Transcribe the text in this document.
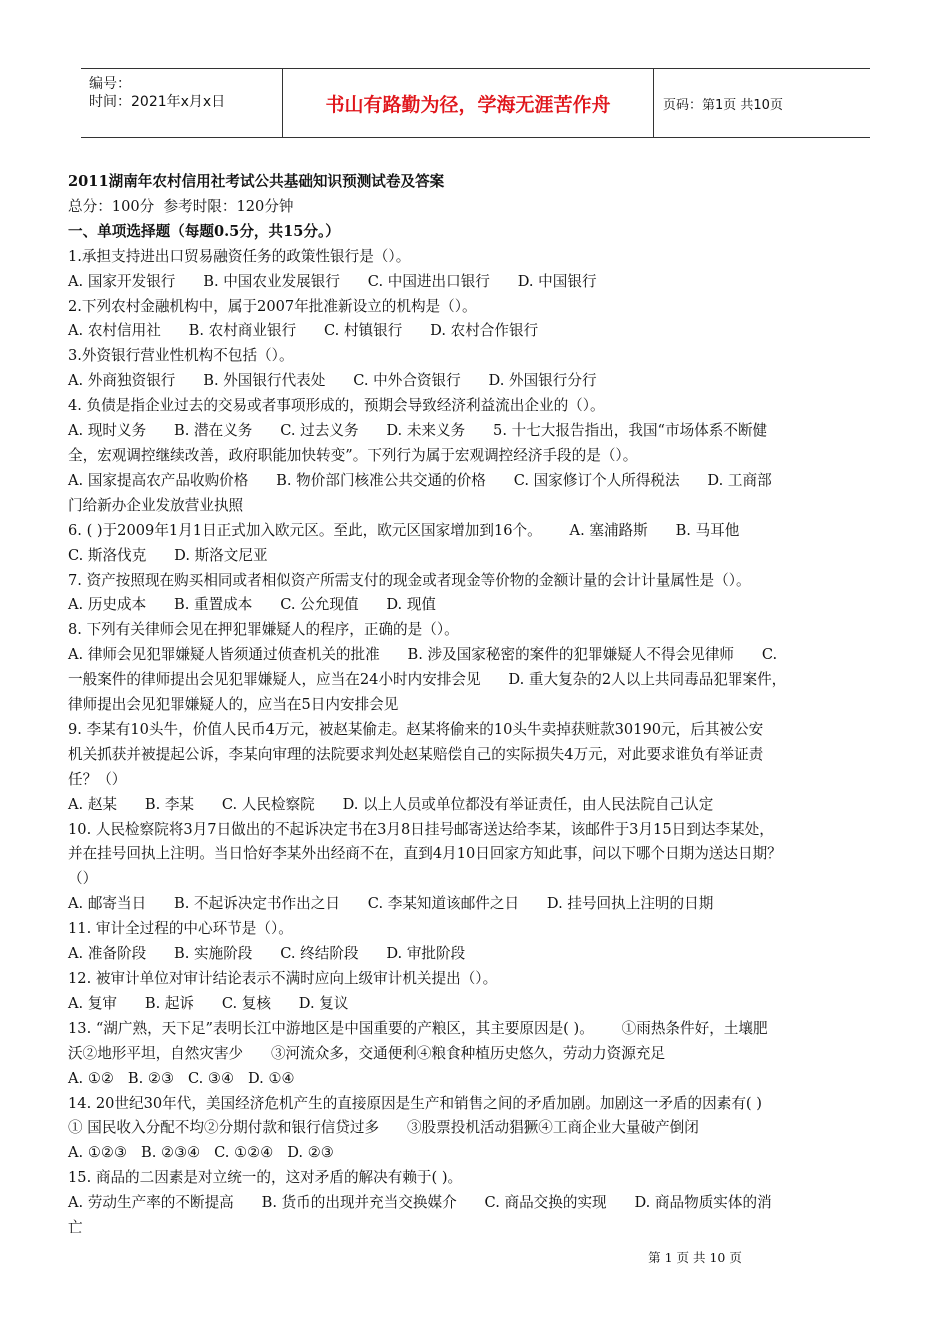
编号：
时间：2021年x月x日	书山有路勤为径，学海无涯苦作舟	页码：第1页 共10页

2011湖南年农村信用社考试公共基础知识预测试卷及答案

总分：100分  参考时限：120分钟

一、单项选择题（每题0.5分，共15分。）

1.承担支持进出口贸易融资任务的政策性银行是（）。

A. 国家开发银行      B. 中国农业发展银行      C. 中国进出口银行      D. 中国银行

2.下列农村金融机构中，属于2007年批准新设立的机构是（）。

A. 农村信用社      B. 农村商业银行      C. 村镇银行      D. 农村合作银行

3.外资银行营业性机构不包括（）。

A. 外商独资银行      B. 外国银行代表处      C. 中外合资银行      D. 外国银行分行

4. 负债是指企业过去的交易或者事项形成的，预期会导致经济利益流出企业的（）。

A. 现时义务      B. 潜在义务      C. 过去义务      D. 未来义务      5. 十七大报告指出，我国“市场体系不断健

全，宏观调控继续改善，政府职能加快转变”。下列行为属于宏观调控经济手段的是（）。

A. 国家提高农产品收购价格      B. 物价部门核准公共交通的价格      C. 国家修订个人所得税法      D. 工商部

门给新办企业发放营业执照

6. ( )于2009年1月1日正式加入欧元区。至此，欧元区国家增加到16个。      A. 塞浦路斯      B. 马耳他

C. 斯洛伐克      D. 斯洛文尼亚

7. 资产按照现在购买相同或者相似资产所需支付的现金或者现金等价物的金额计量的会计计量属性是（）。

A. 历史成本      B. 重置成本      C. 公允现值      D. 现值

8. 下列有关律师会见在押犯罪嫌疑人的程序，正确的是（）。

A. 律师会见犯罪嫌疑人皆须通过侦查机关的批准      B. 涉及国家秘密的案件的犯罪嫌疑人不得会见律师      C.

一般案件的律师提出会见犯罪嫌疑人，应当在24小时内安排会见      D. 重大复杂的2人以上共同毒品犯罪案件，

律师提出会见犯罪嫌疑人的，应当在5日内安排会见

9. 李某有10头牛，价值人民币4万元，被赵某偷走。赵某将偷来的10头牛卖掉获赃款30190元，后其被公安

机关抓获并被提起公诉，李某向审理的法院要求判处赵某赔偿自己的实际损失4万元，对此要求谁负有举证责

任？（）

A. 赵某      B. 李某      C. 人民检察院      D. 以上人员或单位都没有举证责任，由人民法院自己认定

10. 人民检察院将3月7日做出的不起诉决定书在3月8日挂号邮寄送达给李某，该邮件于3月15日到达李某处，

并在挂号回执上注明。当日恰好李某外出经商不在，直到4月10日回家方知此事，问以下哪个日期为送达日期？

（）

A. 邮寄当日      B. 不起诉决定书作出之日      C. 李某知道该邮件之日      D. 挂号回执上注明的日期

11. 审计全过程的中心环节是（）。

A. 准备阶段      B. 实施阶段      C. 终结阶段      D. 审批阶段

12. 被审计单位对审计结论表示不满时应向上级审计机关提出（）。

A. 复审      B. 起诉      C. 复核      D. 复议

13. “湖广熟，天下足”表明长江中游地区是中国重要的产粮区，其主要原因是( )。      ①雨热条件好，土壤肥

沃②地形平坦，自然灾害少      ③河流众多，交通便利④粮食种植历史悠久，劳动力资源充足

A. ①②   B. ②③   C. ③④   D. ①④

14. 20世纪30年代，美国经济危机产生的直接原因是生产和销售之间的矛盾加剧。加剧这一矛盾的因素有( )

① 国民收入分配不均②分期付款和银行信贷过多      ③股票投机活动猖獗④工商企业大量破产倒闭

A. ①②③   B. ②③④   C. ①②④   D. ②③

15. 商品的二因素是对立统一的，这对矛盾的解决有赖于( )。

A. 劳动生产率的不断提高      B. 货币的出现并充当交换媒介      C. 商品交换的实现      D. 商品物质实体的消

亡

第 1 页 共 10 页
